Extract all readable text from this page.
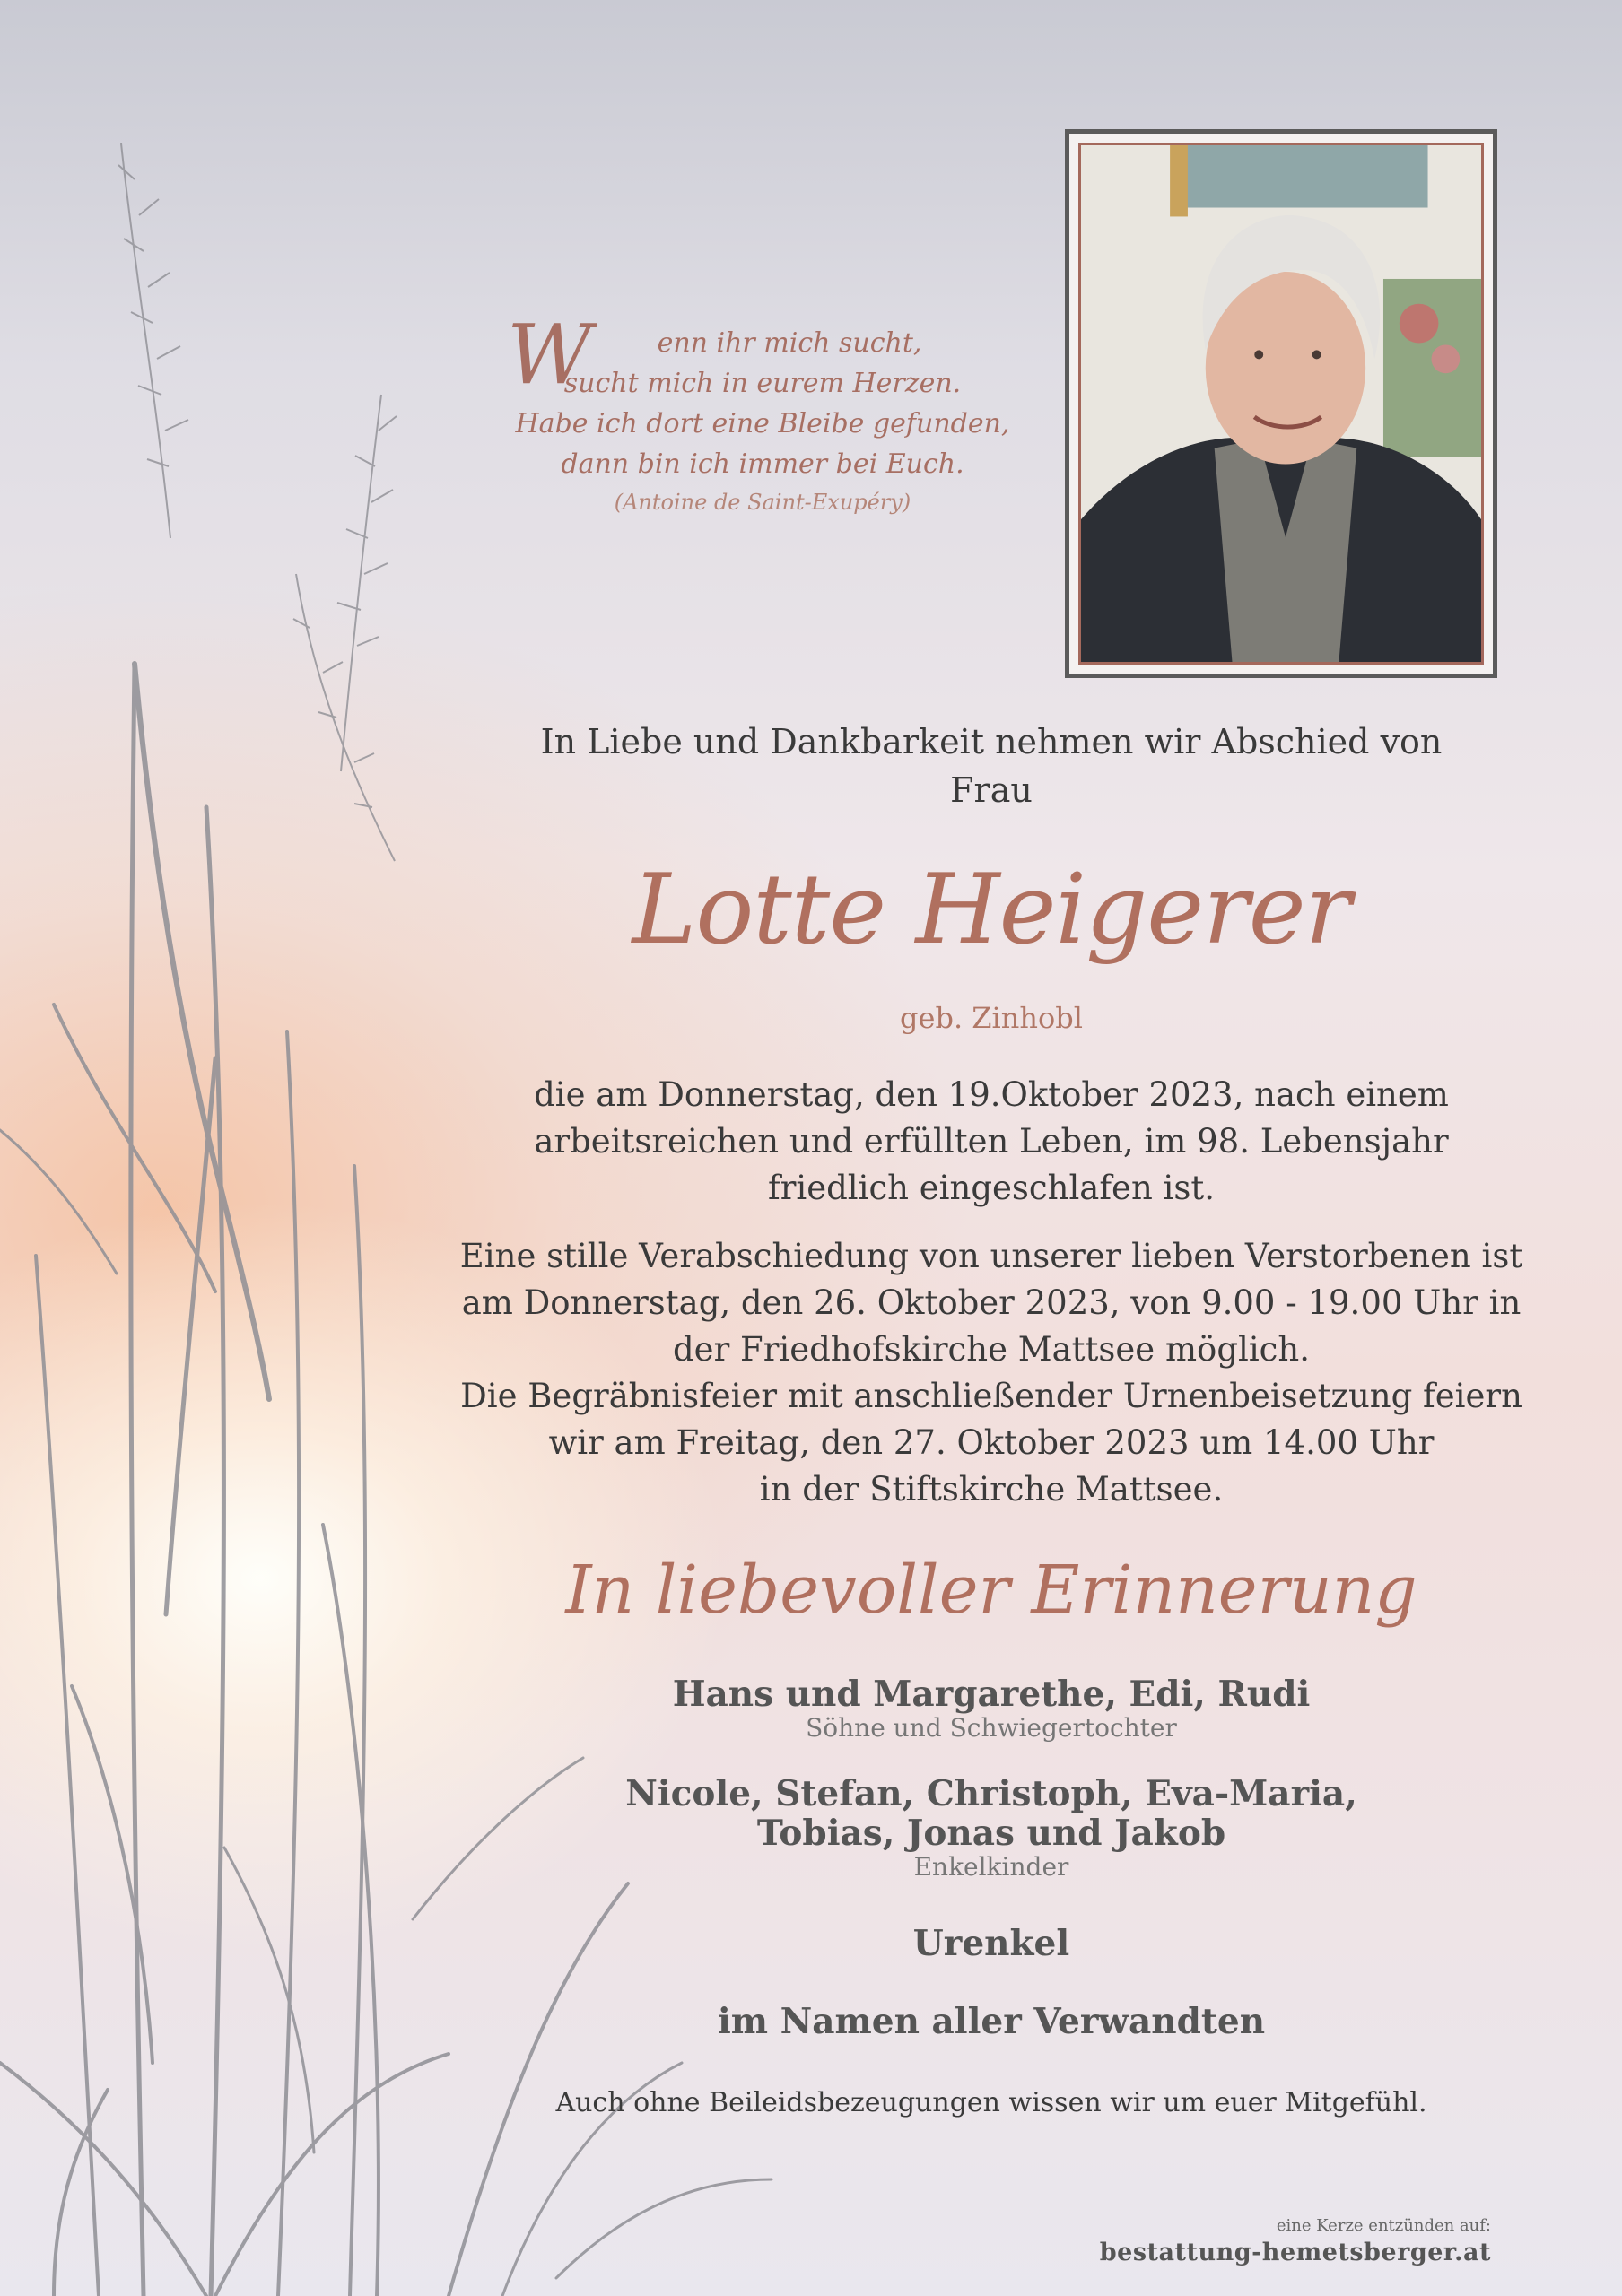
W	enn ihr mich sucht,
sucht mich in eurem Herzen.
Habe ich dort eine Bleibe gefunden,
dann bin ich immer bei Euch.
(Antoine de Saint-Exupéry)
In Liebe und Dankbarkeit nehmen wir Abschied von
Frau
Lotte Heigerer
geb. Zinhobl
die am Donnerstag, den 19.Oktober 2023, nach einem
arbeitsreichen und erfüllten Leben, im 98. Lebensjahr
friedlich eingeschlafen ist.
Eine stille Verabschiedung von unserer lieben Verstorbenen ist
am Donnerstag, den 26. Oktober 2023, von 9.00 - 19.00 Uhr in
der Friedhofskirche Mattsee möglich.
Die Begräbnisfeier mit anschließender Urnenbeisetzung feiern
wir am Freitag, den 27. Oktober 2023 um 14.00 Uhr
in der Stiftskirche Mattsee.
In liebevoller Erinnerung
Hans und Margarethe, Edi, Rudi
Söhne und Schwiegertochter
Nicole, Stefan, Christoph, Eva-Maria,
Tobias, Jonas und Jakob
Enkelkinder
Urenkel
im Namen aller Verwandten
Auch ohne Beileidsbezeugungen wissen wir um euer Mitgefühl.
eine Kerze entzünden auf:
bestattung-hemetsberger.at
